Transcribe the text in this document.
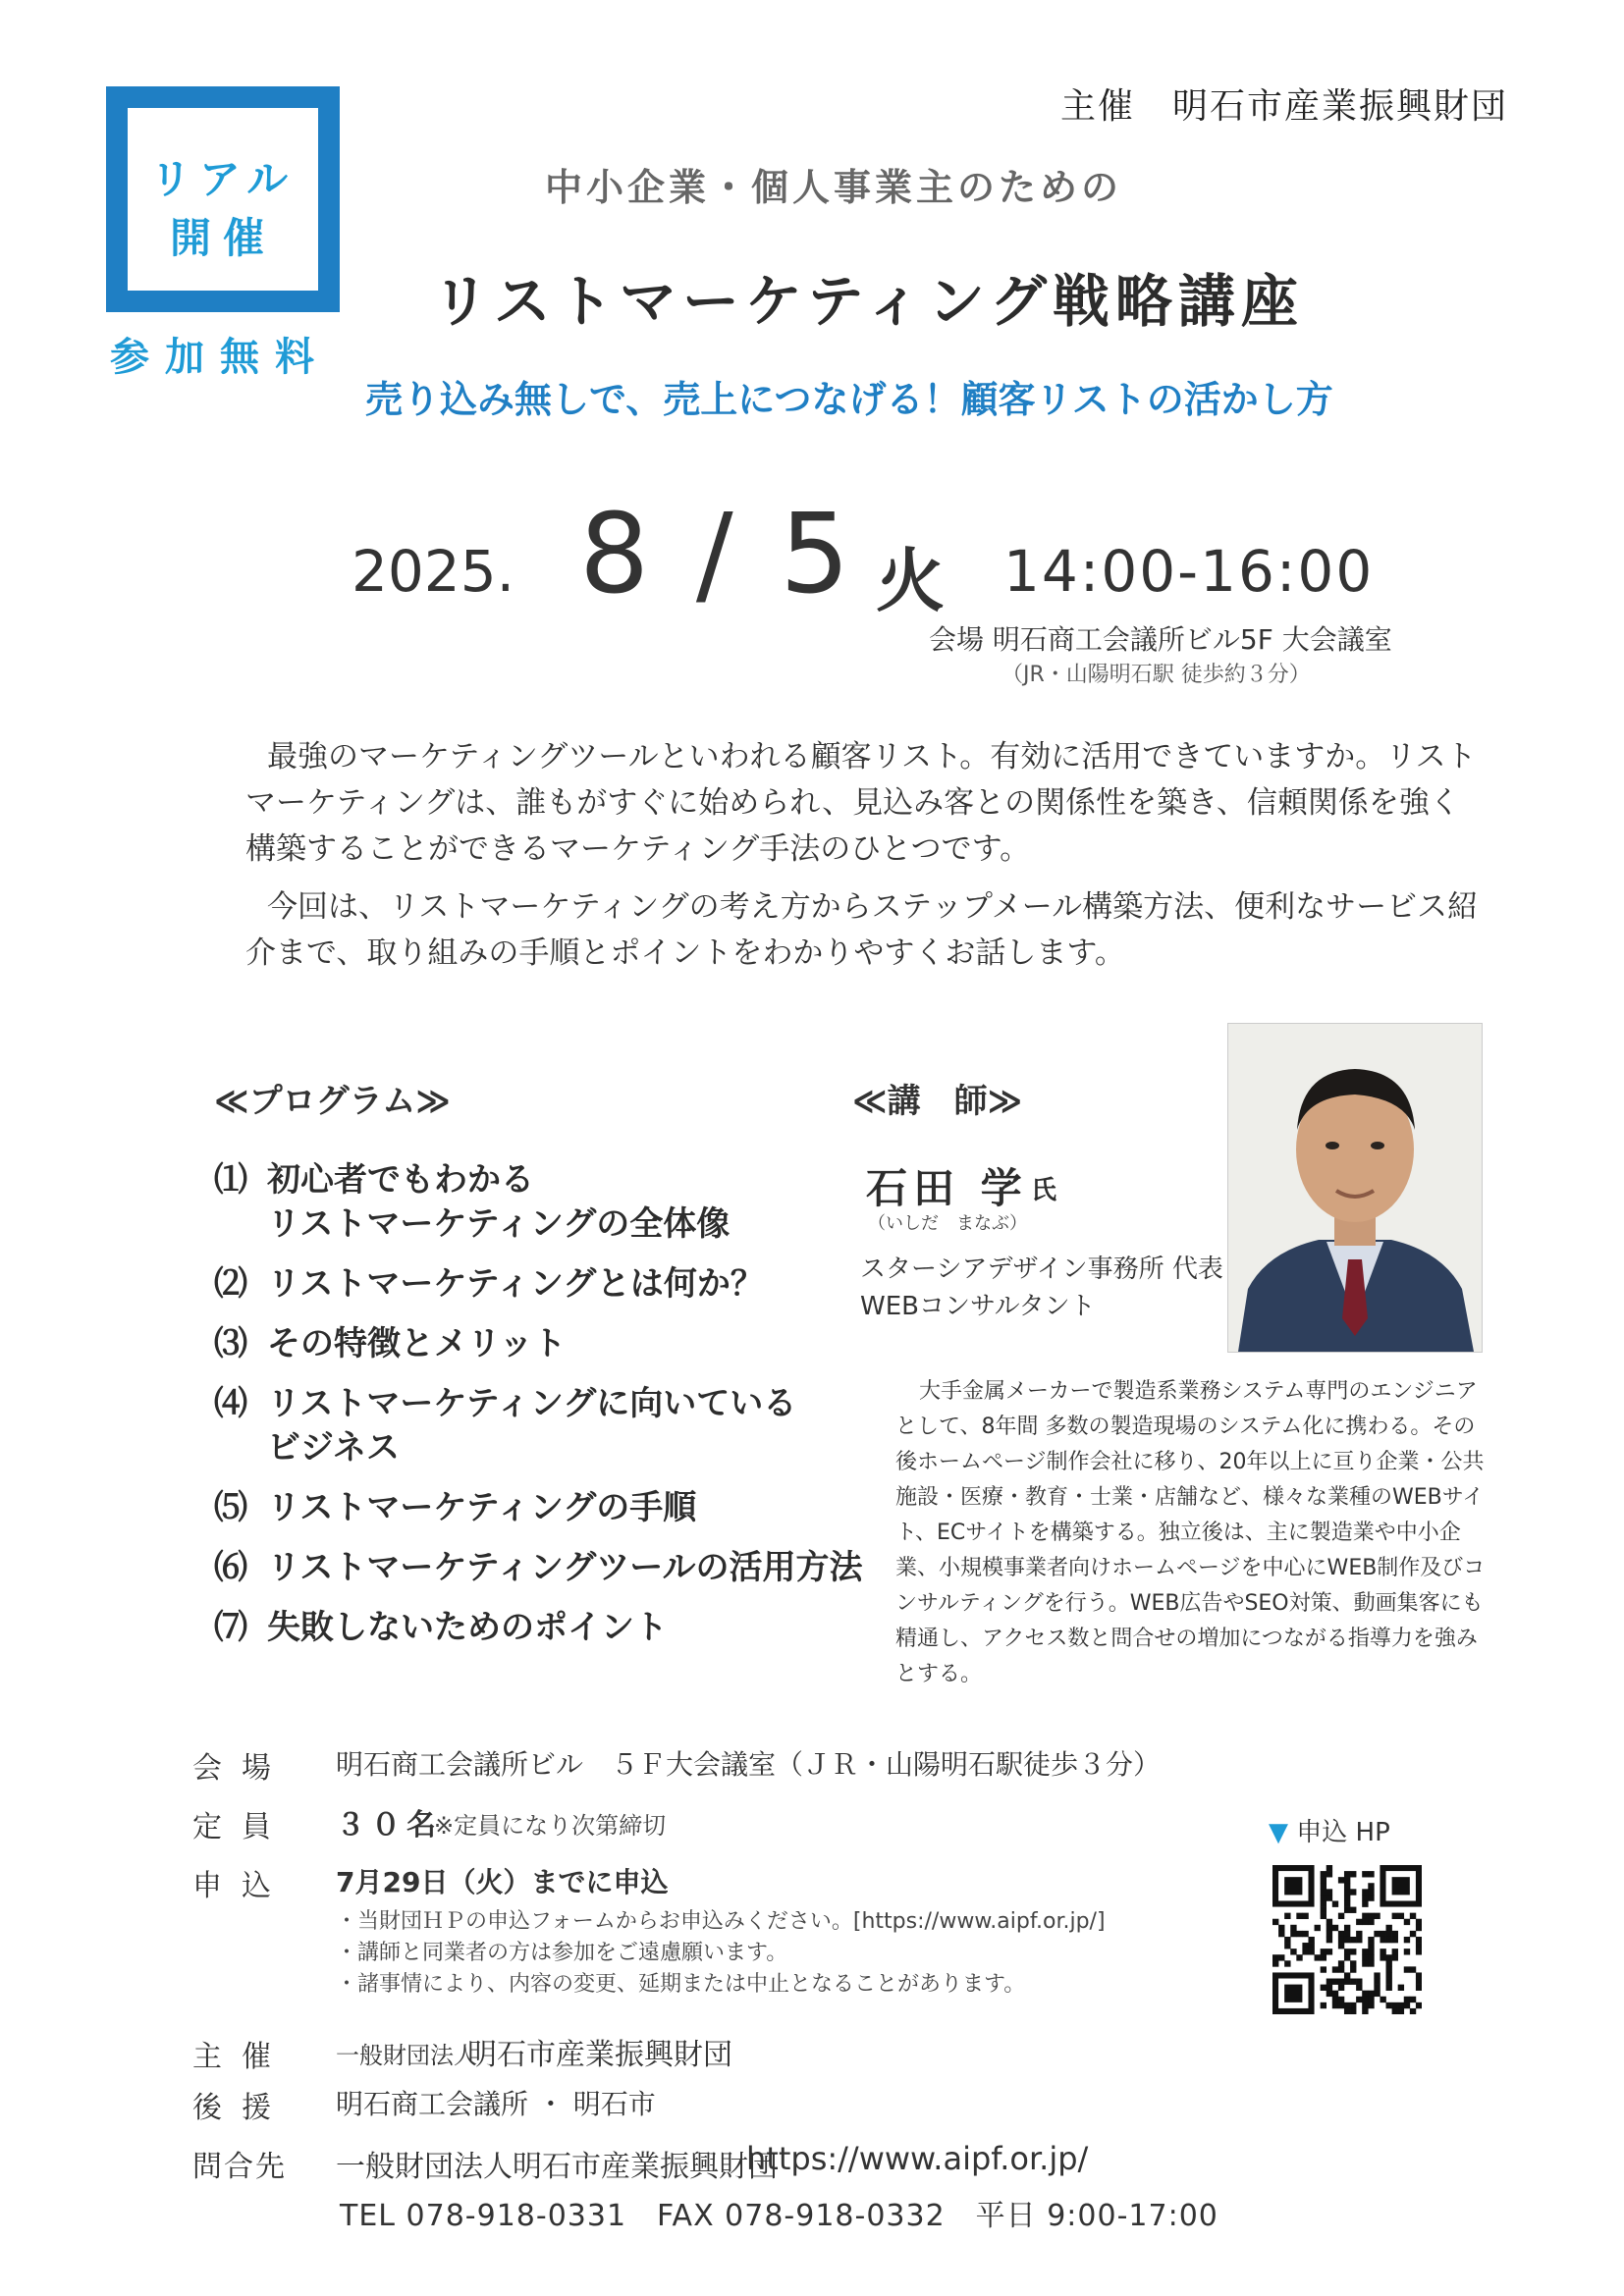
主催　明石市産業振興財団
リアル
開催
参加無料
中小企業・個人事業主のための
リストマーケティング戦略講座
売り込み無しで、売上につなげる！顧客リストの活かし方
2025. 8 / 5 火 14:00-16:00
会場 明石商工会議所ビル5F 大会議室
（JR・山陽明石駅 徒歩約３分）

最強のマーケティングツールといわれる顧客リスト。有効に活用できていますか。リストマーケティングは、誰もがすぐに始められ、見込み客との関係性を築き、信頼関係を強く構築することができるマーケティング手法のひとつです。

今回は、リストマーケティングの考え方からステップメール構築方法、便利なサービス紹介まで、取り組みの手順とポイントをわかりやすくお話します。

≪プログラム≫
⑴ 初心者でもわかる
リストマーケティングの全体像
⑵ リストマーケティングとは何か？
⑶ その特徴とメリット
⑷ リストマーケティングに向いている
ビジネス
⑸ リストマーケティングの手順
⑹ リストマーケティングツールの活用方法
⑺ 失敗しないためのポイント
≪講　師≫
石田 学 氏
（いしだ　まなぶ）
スターシアデザイン事務所 代表
WEBコンサルタント
大手金属メーカーで製造系業務システム専門のエンジニアとして、8年間 多数の製造現場のシステム化に携わる。その後ホームページ制作会社に移り、20年以上に亘り企業・公共施設・医療・教育・士業・店舗など、様々な業種のWEBサイト、ECサイトを構築する。独立後は、主に製造業や中小企業、小規模事業者向けホームページを中心にWEB制作及びコンサルティングを行う。WEB広告やSEO対策、動画集客にも精通し、アクセス数と問合せの増加につながる指導力を強みとする。
会場 明石商工会議所ビル　５Ｆ大会議室（ＪＲ・山陽明石駅徒歩３分）
定員 ３０名
※定員になり次第締切
申込 7月29日（火）までに申込
・当財団ＨＰの申込フォームからお申込みください。[https://www.aipf.or.jp/]
・講師と同業者の方は参加をご遠慮願います。
・諸事情により、内容の変更、延期または中止となることがあります。
主催 一般財団法人
明石市産業振興財団
後援 明石商工会議所 ・ 明石市
問合先 一般財団法人明石市産業振興財団
https://www.aipf.or.jp/
TEL 078-918-0331　FAX 078-918-0332　平日 9:00-17:00
▼ 申込 HP
